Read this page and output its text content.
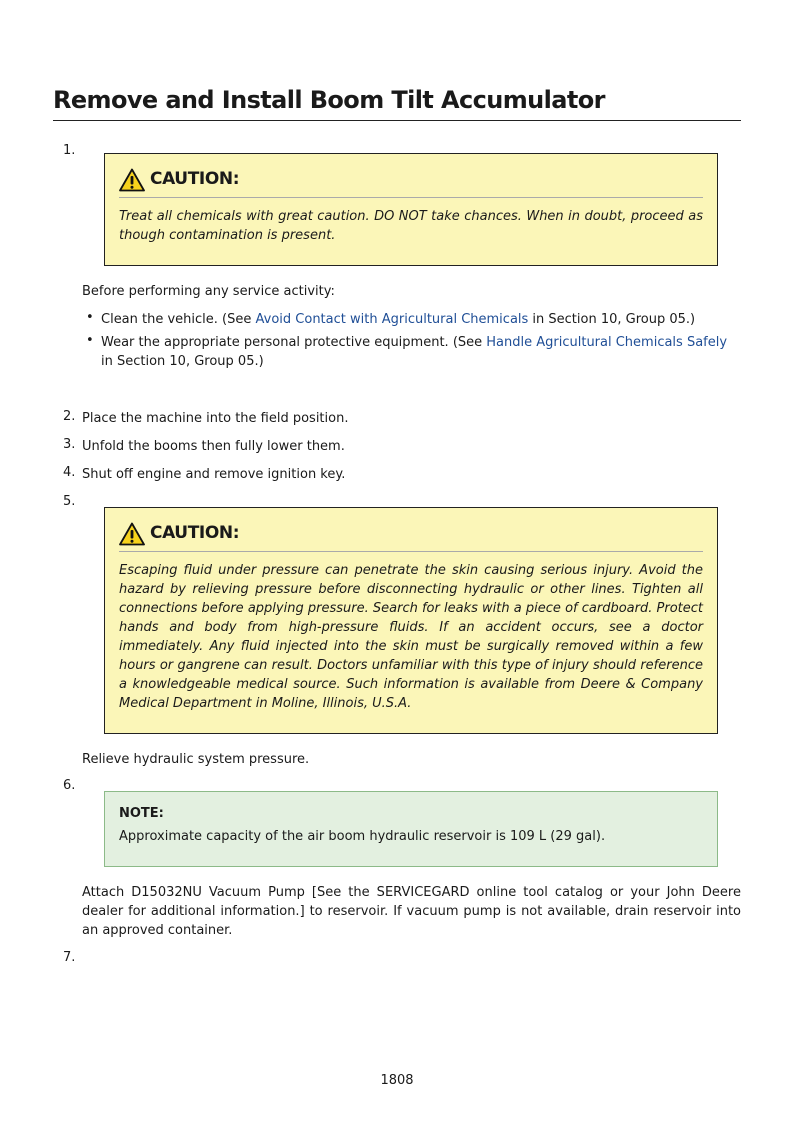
Remove and Install Boom Tilt Accumulator
1.
CAUTION:
Treat all chemicals with great caution. DO NOT take chances. When in doubt, proceed as though contamination is present.
Before performing any service activity:
• Clean the vehicle. (See Avoid Contact with Agricultural Chemicals in Section 10, Group 05.)
• Wear the appropriate personal protective equipment. (See Handle Agricultural Chemicals Safely in Section 10, Group 05.)
2. Place the machine into the field position.
3. Unfold the booms then fully lower them.
4. Shut off engine and remove ignition key.
5.
CAUTION:
Escaping fluid under pressure can penetrate the skin causing serious injury. Avoid the hazard by relieving pressure before disconnecting hydraulic or other lines. Tighten all connections before applying pressure. Search for leaks with a piece of cardboard. Protect hands and body from high-pressure fluids. If an accident occurs, see a doctor immediately. Any fluid injected into the skin must be surgically removed within a few hours or gangrene can result. Doctors unfamiliar with this type of injury should reference a knowledgeable medical source. Such information is available from Deere & Company Medical Department in Moline, Illinois, U.S.A.
Relieve hydraulic system pressure.
6.
NOTE:
Approximate capacity of the air boom hydraulic reservoir is 109 L (29 gal).
Attach D15032NU Vacuum Pump [See the SERVICEGARD online tool catalog or your John Deere dealer for additional information.] to reservoir. If vacuum pump is not available, drain reservoir into an approved container.
7.
1808
